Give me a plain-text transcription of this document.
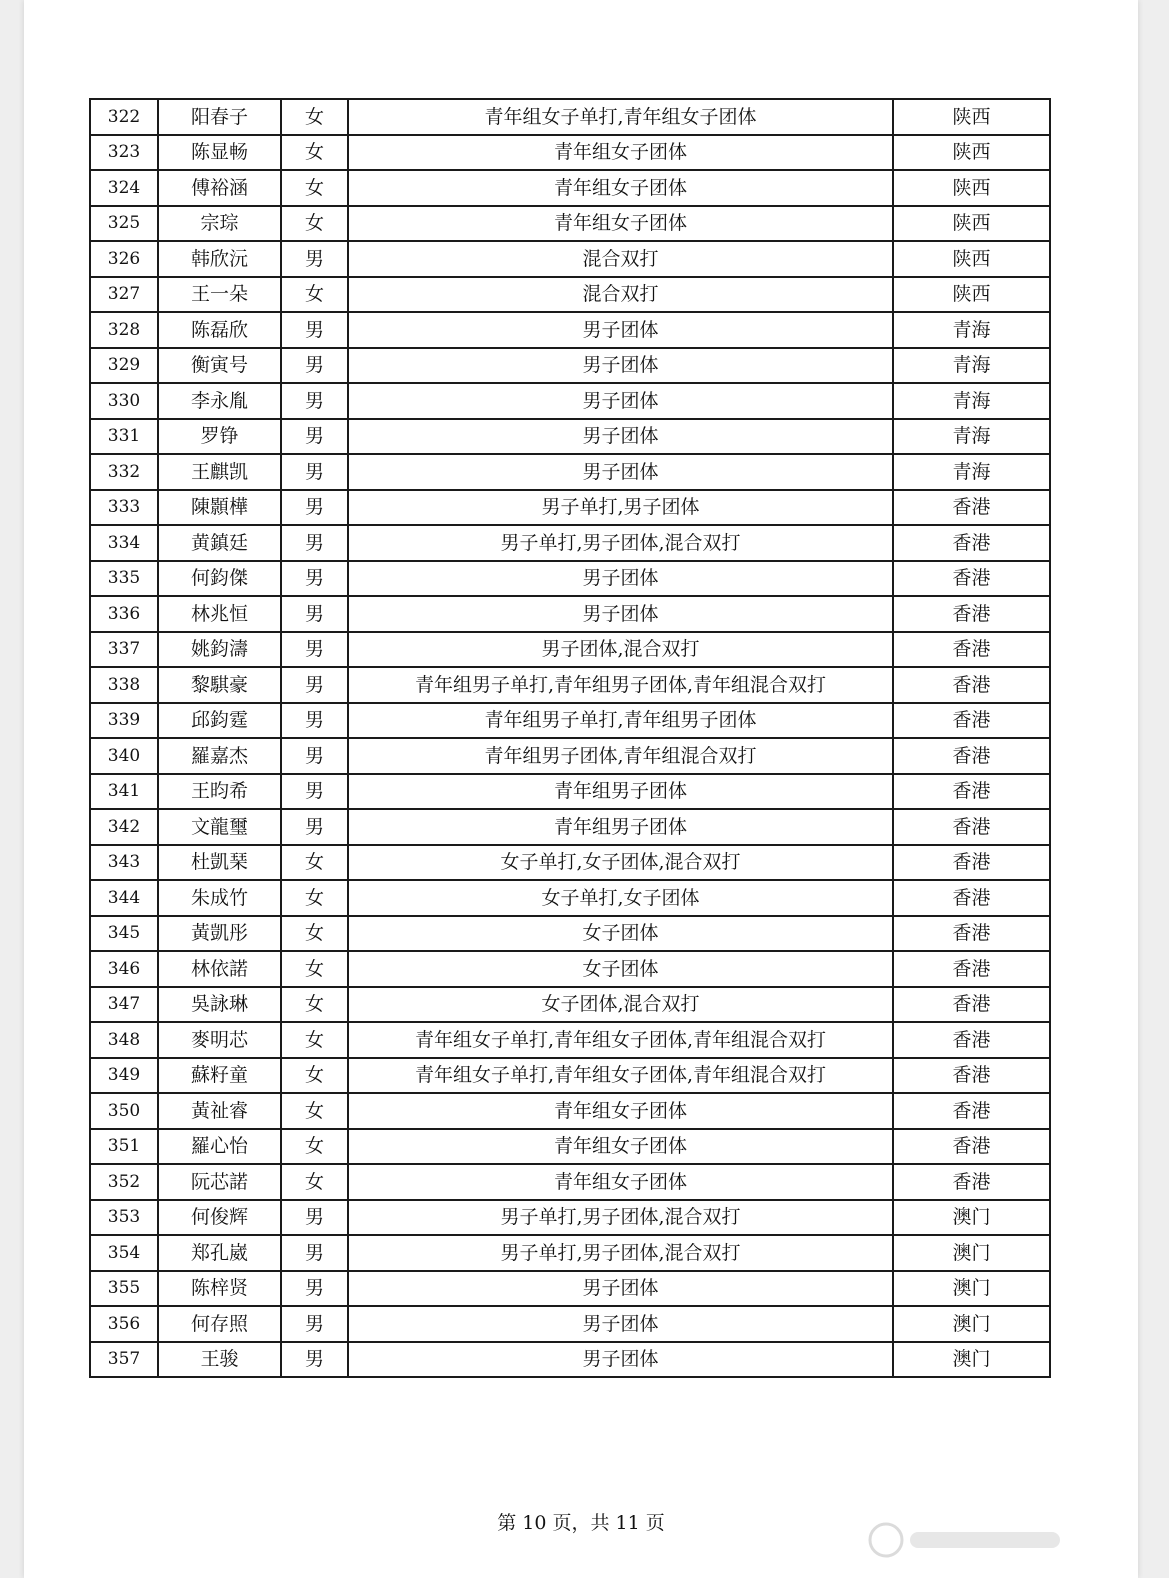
322	阳春子	女	青年组女子单打,青年组女子团体	陕西
323	陈显畅	女	青年组女子团体	陕西
324	傅裕涵	女	青年组女子团体	陕西
325	宗琮	女	青年组女子团体	陕西
326	韩欣沅	男	混合双打	陕西
327	王一朵	女	混合双打	陕西
328	陈磊欣	男	男子团体	青海
329	衡寅号	男	男子团体	青海
330	李永胤	男	男子团体	青海
331	罗铮	男	男子团体	青海
332	王麒凯	男	男子团体	青海
333	陳顥樺	男	男子单打,男子团体	香港
334	黄鎮廷	男	男子单打,男子团体,混合双打	香港
335	何鈞傑	男	男子团体	香港
336	林兆恒	男	男子团体	香港
337	姚鈞濤	男	男子团体,混合双打	香港
338	黎騏豪	男	青年组男子单打,青年组男子团体,青年组混合双打	香港
339	邱鈞霆	男	青年组男子单打,青年组男子团体	香港
340	羅嘉杰	男	青年组男子团体,青年组混合双打	香港
341	王昀希	男	青年组男子团体	香港
342	文龍璽	男	青年组男子团体	香港
343	杜凱琹	女	女子单打,女子团体,混合双打	香港
344	朱成竹	女	女子单打,女子团体	香港
345	黃凱彤	女	女子团体	香港
346	林依諾	女	女子团体	香港
347	吳詠琳	女	女子团体,混合双打	香港
348	麥明芯	女	青年组女子单打,青年组女子团体,青年组混合双打	香港
349	蘇籽童	女	青年组女子单打,青年组女子团体,青年组混合双打	香港
350	黃祉睿	女	青年组女子团体	香港
351	羅心怡	女	青年组女子团体	香港
352	阮芯諾	女	青年组女子团体	香港
353	何俊辉	男	男子单打,男子团体,混合双打	澳门
354	郑孔崴	男	男子单打,男子团体,混合双打	澳门
355	陈梓贤	男	男子团体	澳门
356	何存照	男	男子团体	澳门
357	王骏	男	男子团体	澳门
第 10 页，共 11 页
